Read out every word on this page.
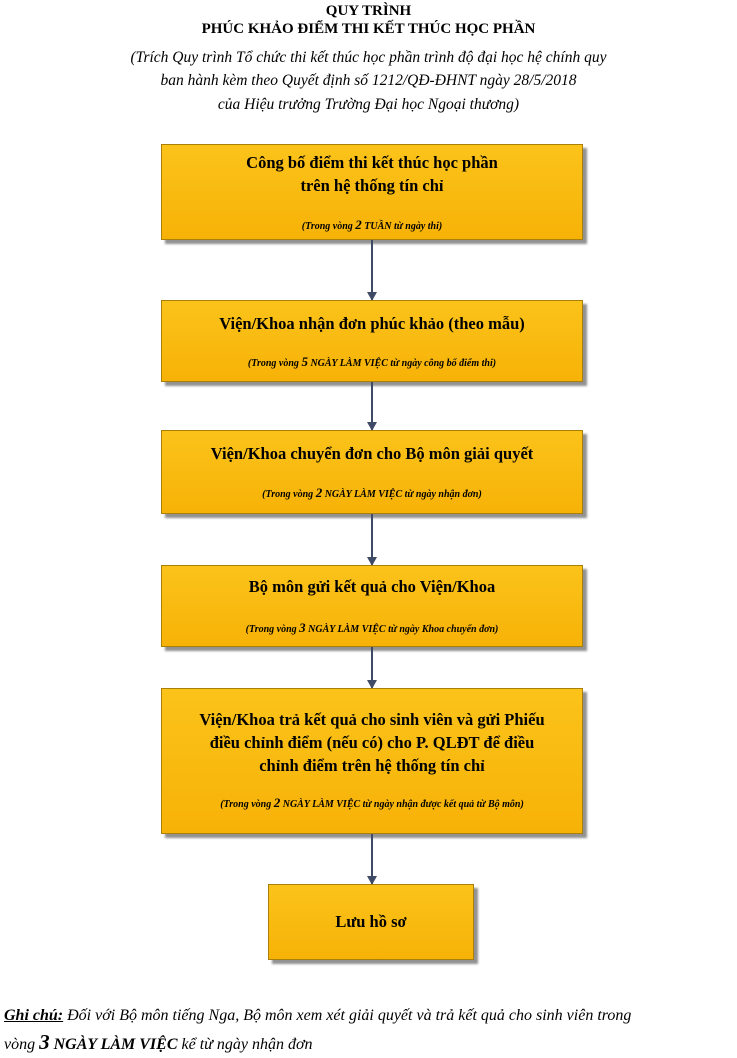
QUY TRÌNH
PHÚC KHẢO ĐIỂM THI KẾT THÚC HỌC PHẦN
(Trích Quy trình Tổ chức thi kết thúc học phần trình độ đại học hệ chính quy
ban hành kèm theo Quyết định số 1212/QĐ-ĐHNT ngày 28/5/2018
của Hiệu trưởng Trường Đại học Ngoại thương)
Công bố điểm thi kết thúc học phần
trên hệ thống tín chỉ
(Trong vòng 2 TUẦN từ ngày thi)
Viện/Khoa nhận đơn phúc khảo (theo mẫu)
(Trong vòng 5 NGÀY LÀM VIỆC từ ngày công bố điểm thi)
Viện/Khoa chuyển đơn cho Bộ môn giải quyết
(Trong vòng 2 NGÀY LÀM VIỆC từ ngày nhận đơn)
Bộ môn gửi kết quả cho Viện/Khoa
(Trong vòng 3 NGÀY LÀM VIỆC từ ngày Khoa chuyển đơn)
Viện/Khoa trả kết quả cho sinh viên và gửi Phiếu
điều chỉnh điểm (nếu có) cho P. QLĐT để điều
chỉnh điểm trên hệ thống tín chỉ
(Trong vòng 2 NGÀY LÀM VIỆC từ ngày nhận được kết quả từ Bộ môn)
Lưu hồ sơ
Ghi chú: Đối với Bộ môn tiếng Nga, Bộ môn xem xét giải quyết và trả kết quả cho sinh viên trong
vòng 3 NGÀY LÀM VIỆC kể từ ngày nhận đơn
